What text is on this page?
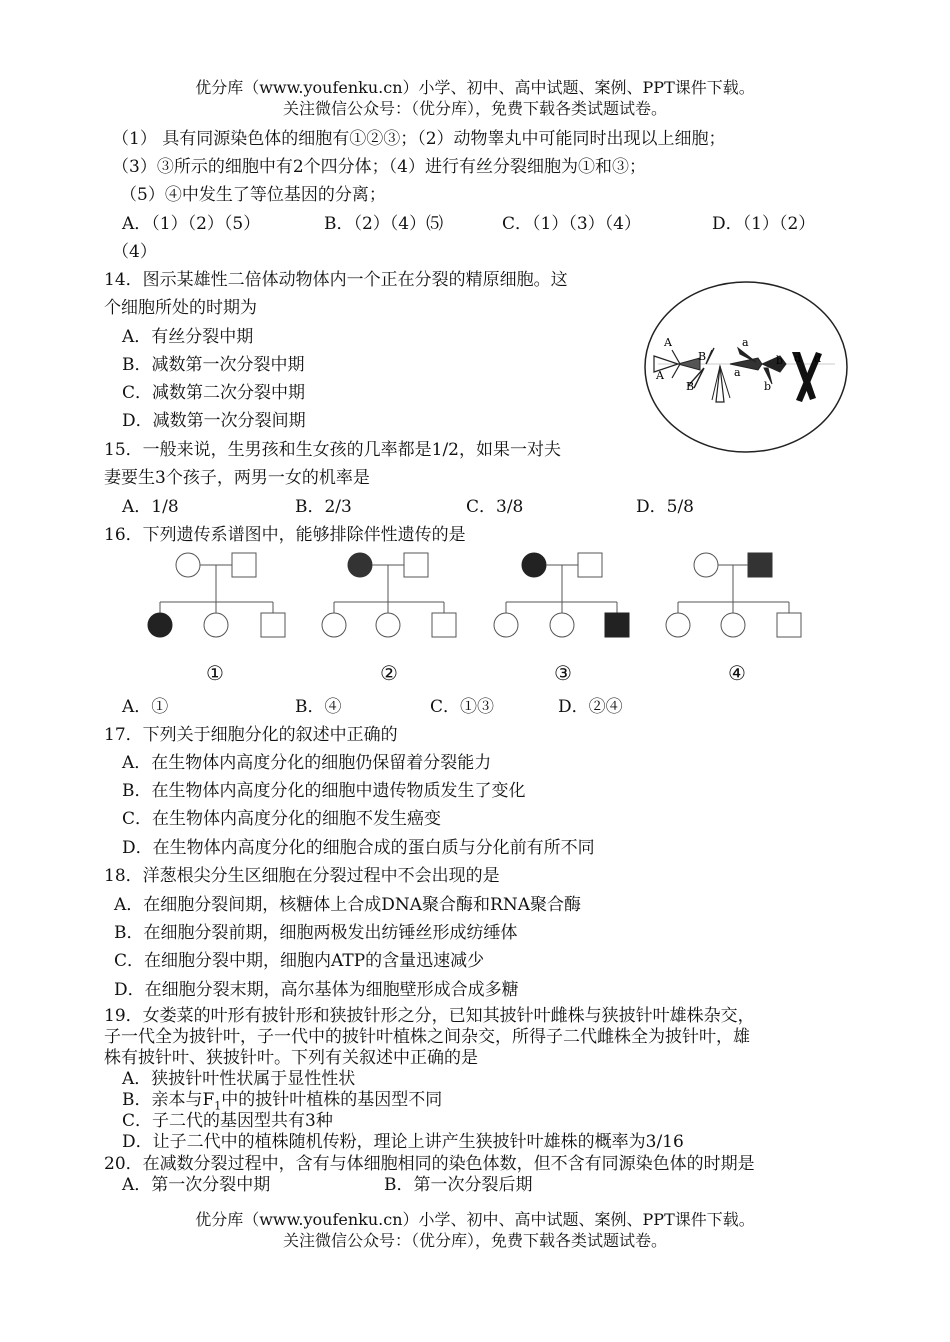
优分库（www.youfenku.cn）小学、初中、高中试题、案例、PPT课件下载。
关注微信公众号：（优分库），免费下载各类试题试卷。
（1） 具有同源染色体的细胞有①②③；（2）动物睾丸中可能同时出现以上细胞；
（3）③所示的细胞中有2个四分体；（4）进行有丝分裂细胞为①和③；
（5）④中发生了等位基因的分离；
A．（1）（2）（5）	B．（2）（4）⑸	C．（1）（3）（4）	D．（1）（2）
（4）
14．图示某雄性二倍体动物体内一个正在分裂的精原细胞。这
个细胞所处的时期为
A．有丝分裂中期
B．减数第一次分裂中期
C．减数第二次分裂中期
D．减数第一次分裂间期
A
A
B
B
a
a
b
b
d d
15．一般来说，生男孩和生女孩的几率都是1/2，如果一对夫
妻要生3个孩子，两男一女的机率是
A．1/8	B．2/3	C．3/8	D．5/8
16．下列遗传系谱图中，能够排除伴性遗传的是
①	②	③	④
A．①	B．④	C．①③	D．②④
17．下列关于细胞分化的叙述中正确的
A．在生物体内高度分化的细胞仍保留着分裂能力
B．在生物体内高度分化的细胞中遗传物质发生了变化
C．在生物体内高度分化的细胞不发生癌变
D．在生物体内高度分化的细胞合成的蛋白质与分化前有所不同
18．洋葱根尖分生区细胞在分裂过程中不会出现的是
A．在细胞分裂间期，核糖体上合成DNA聚合酶和RNA聚合酶
B．在细胞分裂前期，细胞两极发出纺锤丝形成纺缍体
C．在细胞分裂中期，细胞内ATP的含量迅速减少
D．在细胞分裂末期，高尔基体为细胞壁形成合成多糖
19．女娄菜的叶形有披针形和狭披针形之分，已知其披针叶雌株与狭披针叶雄株杂交，
子一代全为披针叶，子一代中的披针叶植株之间杂交，所得子二代雌株全为披针叶，雄
株有披针叶、狭披针叶。下列有关叙述中正确的是
A．狭披针叶性状属于显性性状
B．亲本与$F_1$中的披针叶植株的基因型不同
C．子二代的基因型共有3种
D．让子二代中的植株随机传粉，理论上讲产生狭披针叶雄株的概率为3/16
20．在减数分裂过程中，含有与体细胞相同的染色体数，但不含有同源染色体的时期是
A．第一次分裂中期	B．第一次分裂后期
优分库（www.youfenku.cn）小学、初中、高中试题、案例、PPT课件下载。
关注微信公众号：（优分库），免费下载各类试题试卷。
